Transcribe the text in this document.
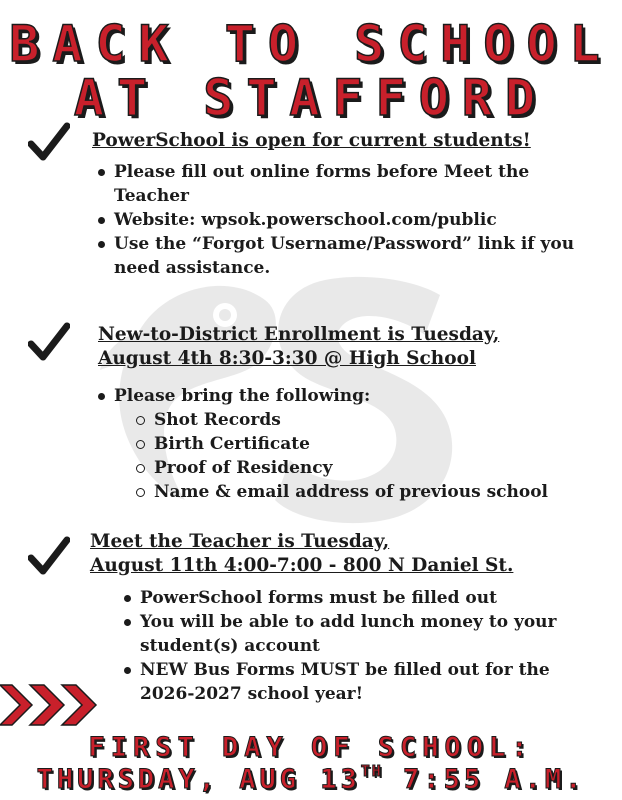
BACK TO SCHOOL
AT STAFFORD
PowerSchool is open for current students!
Please fill out online forms before Meet the Teacher
Website: wpsok.powerschool.com/public
Use the “Forgot Username/Password” link if you need assistance.
New-to-District Enrollment is Tuesday,
August 4th 8:30-3:30 @ High School
Please bring the following:
Shot Records
Birth Certificate
Proof of Residency
Name & email address of previous school
Meet the Teacher is Tuesday,
August 11th 4:00-7:00 - 800 N Daniel St.
PowerSchool forms must be filled out
You will be able to add lunch money to your student(s) account
NEW Bus Forms MUST be filled out for the 2026-2027 school year!
FIRST DAY OF SCHOOL:
THURSDAY, AUG 13TH 7:55 A.M.
